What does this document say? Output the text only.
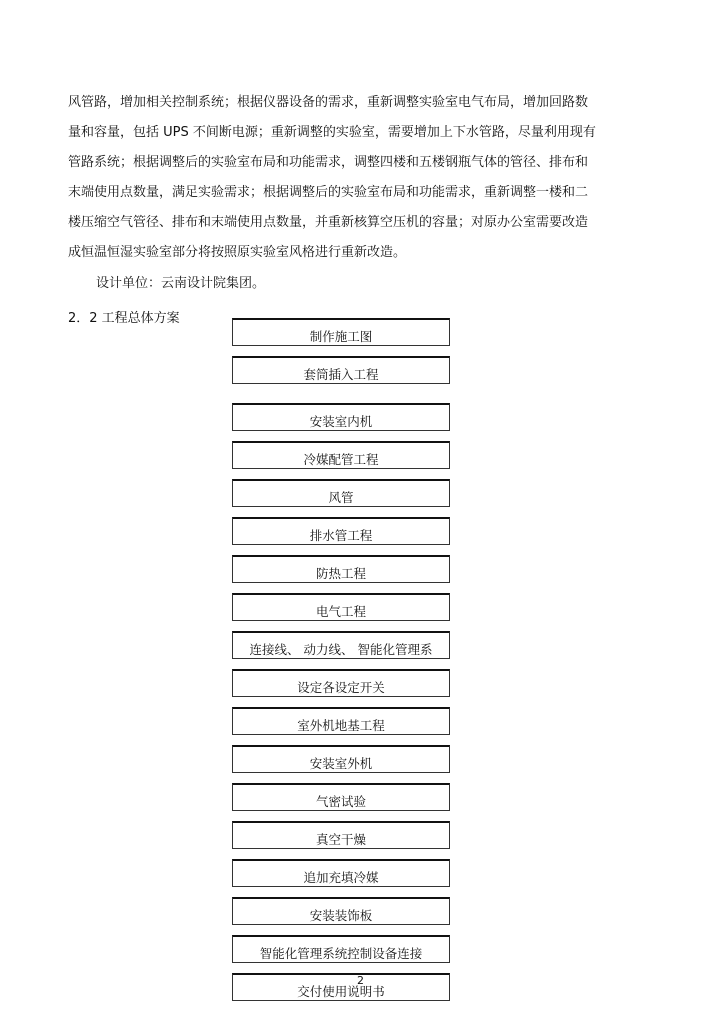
风管路，增加相关控制系统；根据仪器设备的需求，重新调整实验室电气布局，增加回路数
量和容量，包括 UPS 不间断电源；重新调整的实验室，需要增加上下水管路，尽量利用现有
管路系统；根据调整后的实验室布局和功能需求，调整四楼和五楼钢瓶气体的管径、排布和
末端使用点数量，满足实验需求；根据调整后的实验室布局和功能需求，重新调整一楼和二
楼压缩空气管径、排布和末端使用点数量，并重新核算空压机的容量；对原办公室需要改造
成恒温恒湿实验室部分将按照原实验室风格进行重新改造。
设计单位：云南设计院集团。
2．2 工程总体方案
制作施工图
套筒插入工程
安装室内机
冷媒配管工程
风管
排水管工程
防热工程
电气工程
连接线、 动力线、 智能化管理系
设定各设定开关
室外机地基工程
安装室外机
气密试验
真空干燥
追加充填冷媒
安装装饰板
智能化管理系统控制设备连接
交付使用说明书
2
